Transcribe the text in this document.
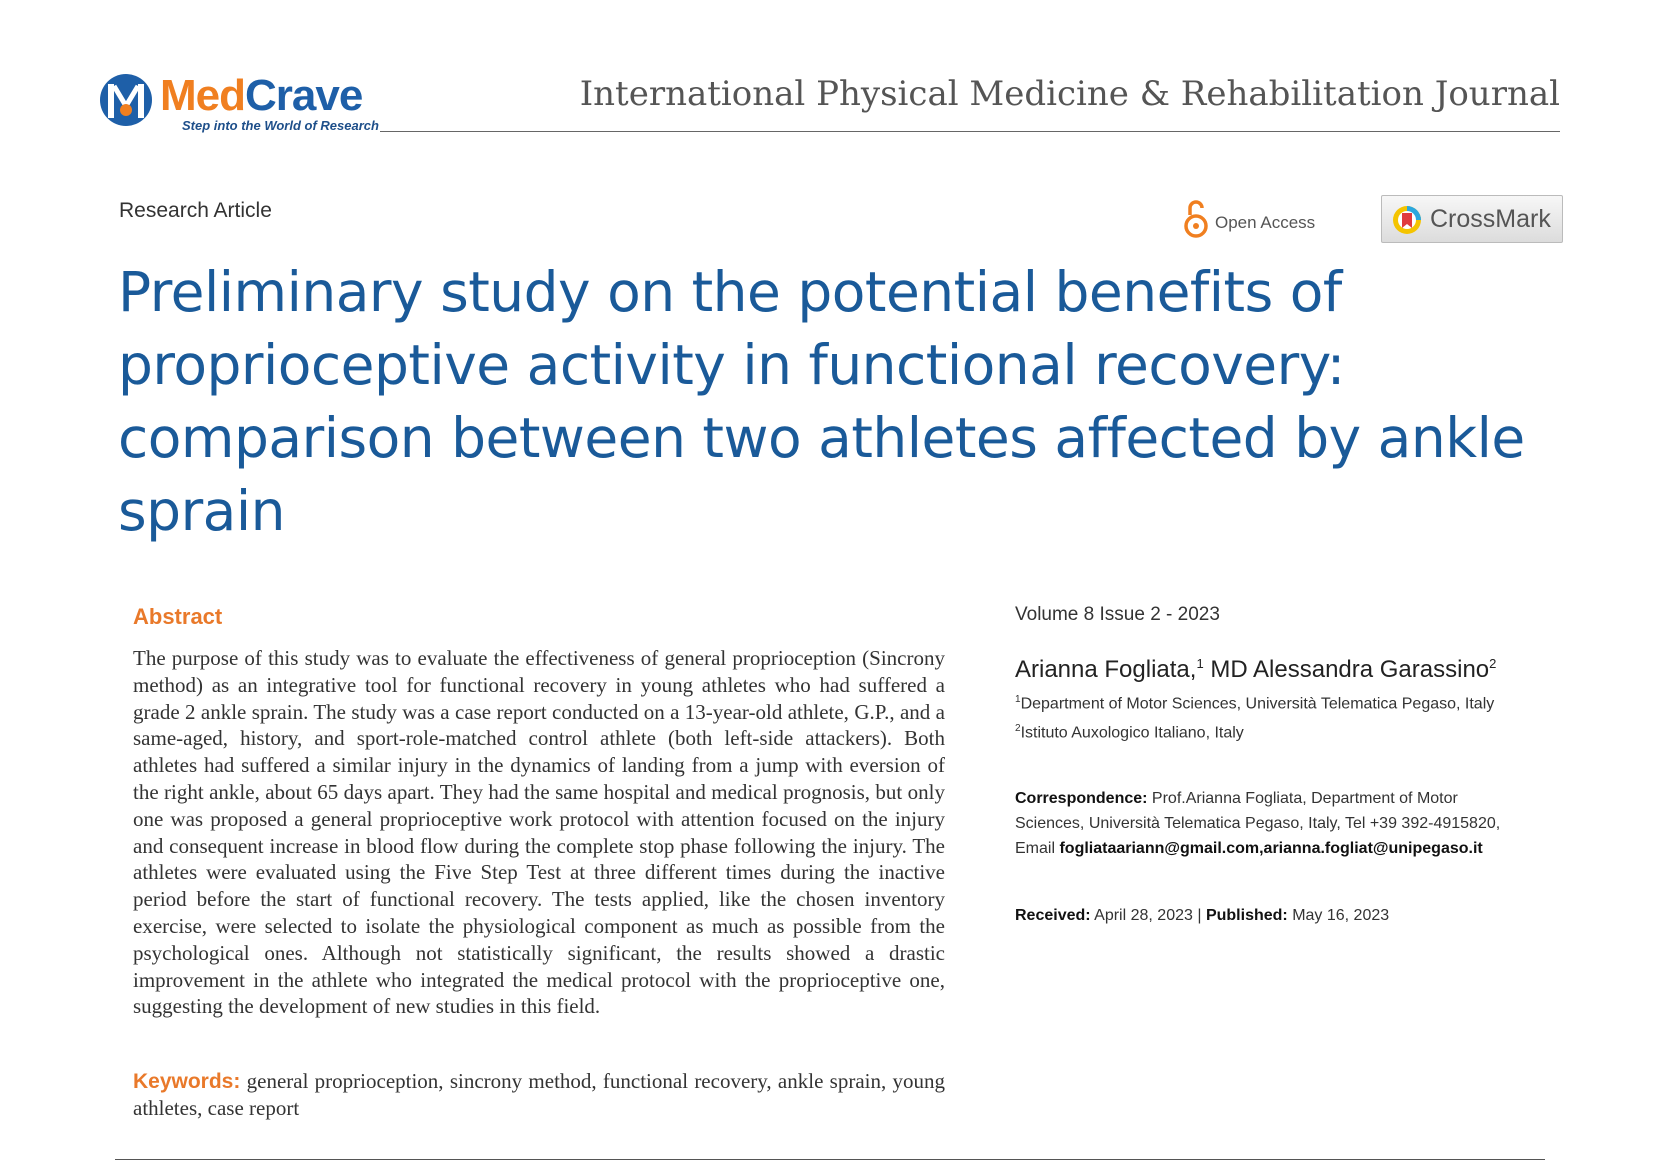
MedCrave
Step into the World of Research
International Physical Medicine & Rehabilitation Journal
Research Article
Open Access	CrossMark
Preliminary study on the potential benefits of proprioceptive activity in functional recovery: comparison between two athletes affected by ankle sprain
Abstract
The purpose of this study was to evaluate the effectiveness of general proprioception (Sincrony method) as an integrative tool for functional recovery in young athletes who had suffered a grade 2 ankle sprain. The study was a case report conducted on a 13-year-old athlete, G.P., and a same-aged, history, and sport-role-matched control athlete (both left-side attackers). Both athletes had suffered a similar injury in the dynamics of landing from a jump with eversion of the right ankle, about 65 days apart. They had the same hospital and medical prognosis, but only one was proposed a general proprioceptive work protocol with attention focused on the injury and consequent increase in blood flow during the complete stop phase following the injury. The athletes were evaluated using the Five Step Test at three different times during the inactive period before the start of functional recovery. The tests applied, like the chosen inventory exercise, were selected to isolate the physiological component as much as possible from the psychological ones. Although not statistically significant, the results showed a drastic improvement in the athlete who integrated the medical protocol with the proprioceptive one, suggesting the development of new studies in this field.
Keywords: general proprioception, sincrony method, functional recovery, ankle sprain, young athletes, case report
Volume 8 Issue 2 - 2023
Arianna Fogliata,$^1$ MD Alessandra Garassino$^2$
$^1$Department of Motor Sciences, Università Telematica Pegaso, Italy
$^2$Istituto Auxologico Italiano, Italy
Correspondence: Prof.Arianna Fogliata, Department of Motor Sciences, Università Telematica Pegaso, Italy, Tel +39 392-4915820,
Email fogliataariann@gmail.com,arianna.fogliat@unipegaso.it
Received: April 28, 2023 | Published: May 16, 2023
